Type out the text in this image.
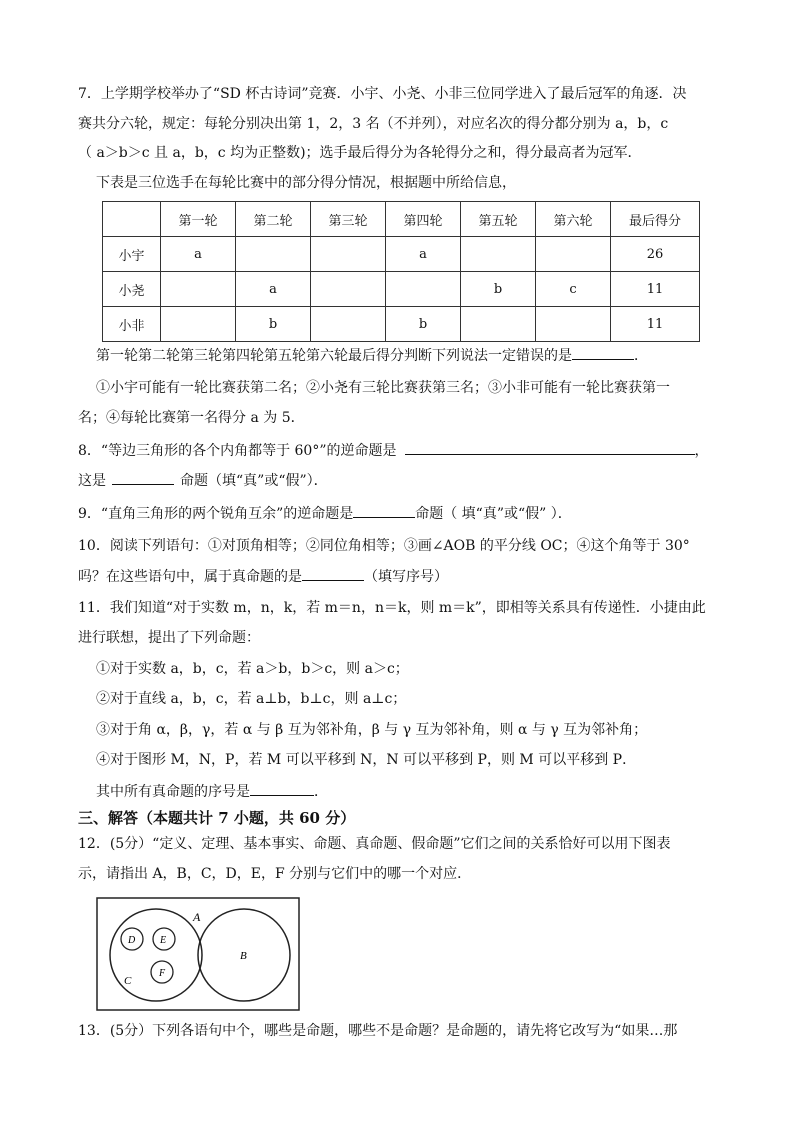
7．上学期学校举办了“SD 杯古诗词”竞赛．小宇、小尧、小非三位同学进入了最后冠军的角逐．决
赛共分六轮，规定：每轮分别决出第 1，2，3 名（不并列），对应名次的得分都分别为 a，b，c
（ a＞b＞c 且 a，b，c 均为正整数)；选手最后得分为各轮得分之和，得分最高者为冠军．
下表是三位选手在每轮比赛中的部分得分情况，根据题中所给信息，
	第一轮	第二轮	第三轮	第四轮	第五轮	第六轮	最后得分
小宇	a			a			26
小尧		a			b	c	11
小非		b		b			11
第一轮第二轮第三轮第四轮第五轮第六轮最后得分判断下列说法一定错误的是	．
①小宇可能有一轮比赛获第二名；②小尧有三轮比赛获第三名；③小非可能有一轮比赛获第一
名；④每轮比赛第一名得分 a 为 5．
8．“等边三角形的各个内角都等于 60°”的逆命题是	，
这是	命题（填“真”或“假”）．
9．“直角三角形的两个锐角互余”的逆命题是	命题（ 填“真”或“假” ）．
10．阅读下列语句：①对顶角相等；②同位角相等；③画∠AOB 的平分线 OC；④这个角等于 30°
吗？在这些语句中，属于真命题的是	（填写序号）
11．我们知道“对于实数 m，n，k，若 m＝n，n＝k，则 m＝k”，即相等关系具有传递性．小捷由此
进行联想，提出了下列命题：
①对于实数 a，b，c，若 a＞b，b＞c，则 a＞c；
②对于直线 a，b，c，若 a⊥b，b⊥c，则 a⊥c；
③对于角 α，β，γ，若 α 与 β 互为邻补角，β 与 γ 互为邻补角，则 α 与 γ 互为邻补角；
④对于图形 M，N，P，若 M 可以平移到 N，N 可以平移到 P，则 M 可以平移到 P．
其中所有真命题的序号是	．
三、解答（本题共计 7 小题，共 60 分）
12．(5分）“定义、定理、基本事实、命题、真命题、假命题”它们之间的关系恰好可以用下图表
示，请指出 A，B，C，D，E，F 分别与它们中的哪一个对应．
A
B
C
D E
F
13．(5分）下列各语句中个，哪些是命题，哪些不是命题？是命题的，请先将它改写为“如果…那
